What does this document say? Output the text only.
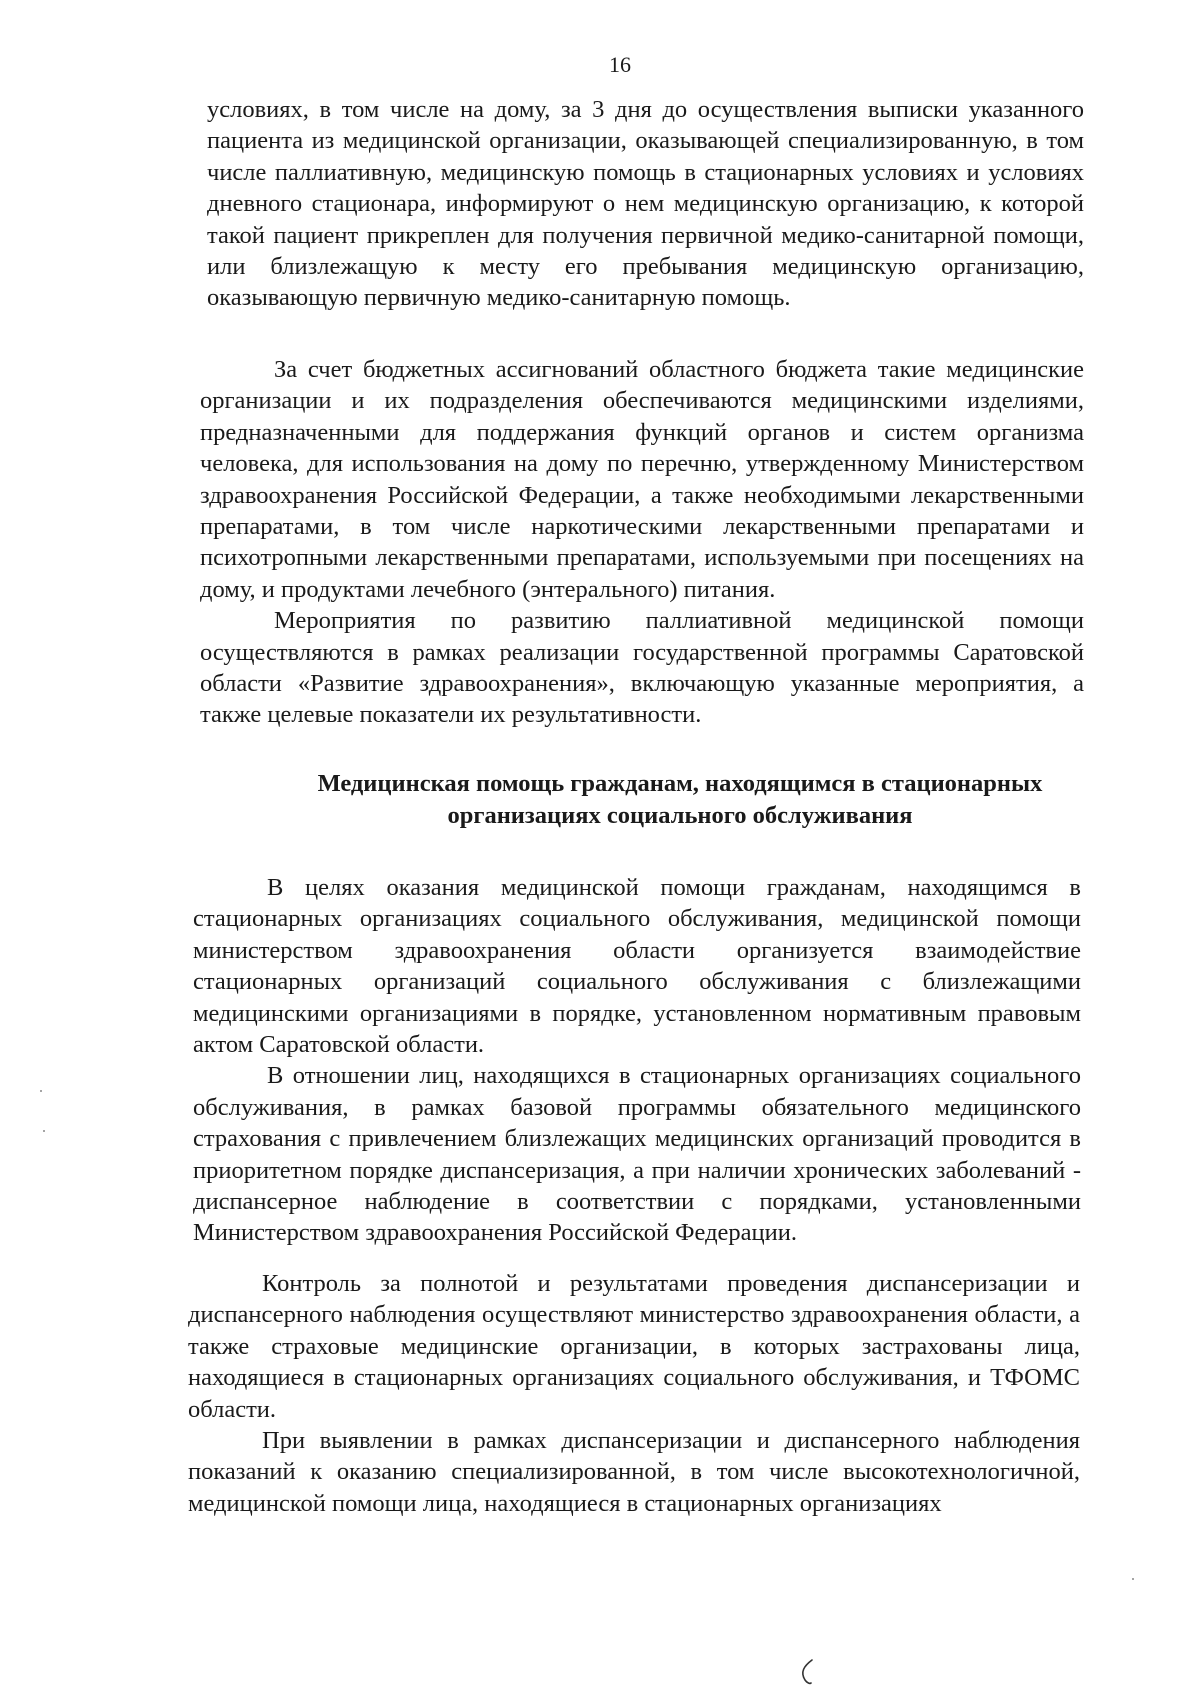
16

условиях, в том числе на дому, за 3 дня до осуществления выписки указанного пациента из медицинской организации, оказывающей специализированную, в том числе паллиативную, медицинскую помощь в стационарных условиях и условиях дневного стационара, информируют о нем медицинскую организацию, к которой такой пациент прикреплен для получения первичной медико-санитарной помощи, или близлежащую к месту его пребывания медицинскую организацию, оказывающую первичную медико-санитарную помощь.

За счет бюджетных ассигнований областного бюджета такие медицинские организации и их подразделения обеспечиваются медицинскими изделиями, предназначенными для поддержания функций органов и систем организма человека, для использования на дому по перечню, утвержденному Министерством здравоохранения Российской Федерации, а также необходимыми лекарственными препаратами, в том числе наркотическими лекарственными препаратами и психотропными лекарственными препаратами, используемыми при посещениях на дому, и продуктами лечебного (энтерального) питания.

Мероприятия по развитию паллиативной медицинской помощи осуществляются в рамках реализации государственной программы Саратовской области «Развитие здравоохранения», включающую указанные мероприятия, а также целевые показатели их результативности.

Медицинская помощь гражданам, находящимся в стационарных
организациях социального обслуживания

В целях оказания медицинской помощи гражданам, находящимся в стационарных организациях социального обслуживания, медицинской помощи министерством здравоохранения области организуется взаимодействие стационарных организаций социального обслуживания с близлежащими медицинскими организациями в порядке, установленном нормативным правовым актом Саратовской области.

В отношении лиц, находящихся в стационарных организациях социального обслуживания, в рамках базовой программы обязательного медицинского страхования с привлечением близлежащих медицинских организаций проводится в приоритетном порядке диспансеризация, а при наличии хронических заболеваний - диспансерное наблюдение в соответствии с порядками, установленными Министерством здравоохранения Российской Федерации.

Контроль за полнотой и результатами проведения диспансеризации и диспансерного наблюдения осуществляют министерство здравоохранения области, а также страховые медицинские организации, в которых застрахованы лица, находящиеся в стационарных организациях социального обслуживания, и ТФОМС области.

При выявлении в рамках диспансеризации и диспансерного наблюдения показаний к оказанию специализированной, в том числе высокотехнологичной, медицинской помощи лица, находящиеся в стационарных организациях
